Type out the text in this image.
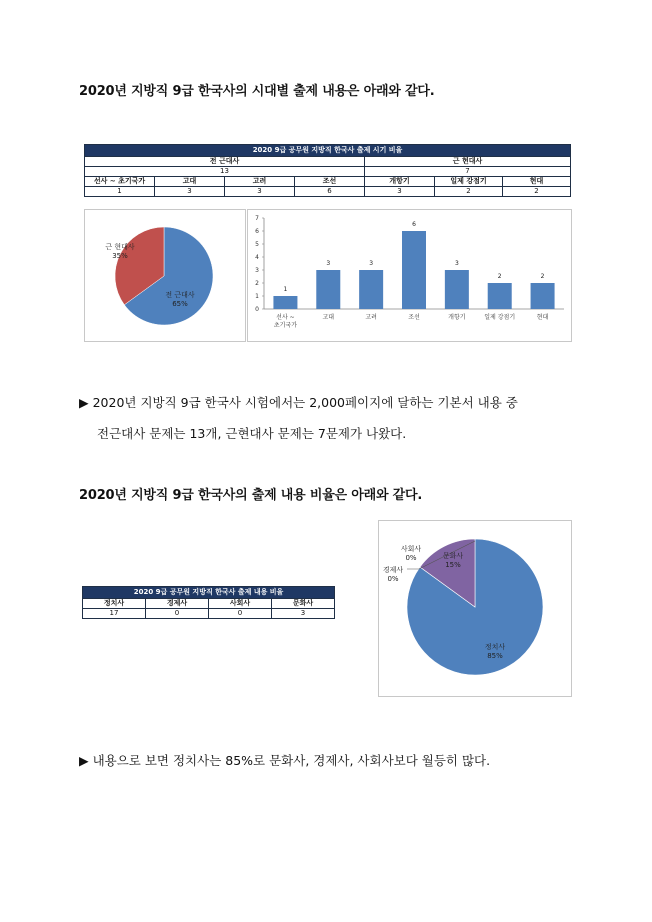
2020년 지방직 9급 한국사의 시대별 출제 내용은 아래와 같다.
2020 9급 공무원 지방직 한국사 출제 시기 비율						
전 근대사				근 현대사		
13				7		
선사 ~ 초기국가	고대	고려	조선	개항기	일제 강점기	현대
1	3	3	6	3	2	2
전 근대사 65%
근 현대사 35%
0
1
2
3
4
5
6
7
1
선사 ~ 초기국가
3
고대
3
고려
6
조선
3
개항기
2
일제 강점기
2
현대
▶ 2020년 지방직 9급 한국사 시험에서는 2,000페이지에 달하는 기본서 내용 중
전근대사 문제는 13개, 근현대사 문제는 7문제가 나왔다.
2020년 지방직 9급 한국사의 출제 내용 비율은 아래와 같다.
2020 9급 공무원 지방직 한국사 출제 내용 비율			
정치사	경제사	사회사	문화사
17	0	0	3
정치사 85%
경제사 0%
사회사 0%	문화사 15%
▶ 내용으로 보면 정치사는 85%로 문화사, 경제사, 사회사보다 월등히 많다.
